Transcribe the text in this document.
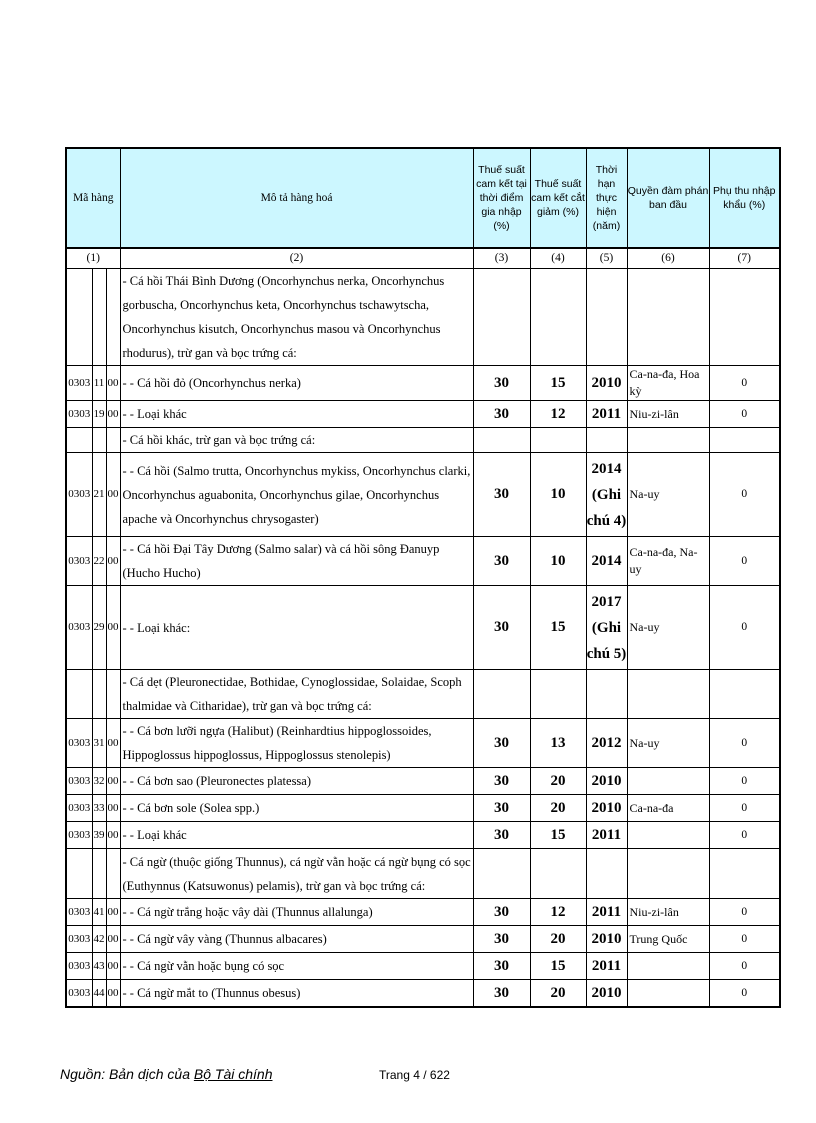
Mã hàng			Mô tả hàng hoá	Thuế suất cam kết tại thời điểm gia nhập (%)	Thuế suất cam kết cắt giảm (%)	Thời hạn thực hiện (năm)	Quyền đàm phán ban đầu	Phụ thu nhập khẩu (%)
(1)			(2)	(3)	(4)	(5)	(6)	(7)
			- Cá hồi Thái Bình Dương (Oncorhynchus nerka, Oncorhynchus gorbuscha, Oncorhynchus keta, Oncorhynchus tschawytscha, Oncorhynchus kisutch, Oncorhynchus masou và Oncorhynchus rhodurus), trừ gan và bọc trứng cá:					
0303	11	00	- - Cá hồi đỏ (Oncorhynchus nerka)	30	15	2010	Ca-na-đa, Hoa kỳ	0
0303	19	00	- - Loại khác	30	12	2011	Niu-zi-lân	0
			- Cá hồi khác, trừ gan và bọc trứng cá:					
0303	21	00	- - Cá hồi (Salmo trutta, Oncorhynchus mykiss, Oncorhynchus clarki, Oncorhynchus aguabonita, Oncorhynchus gilae, Oncorhynchus apache và Oncorhynchus chrysogaster)	30	10	2014 (Ghi chú 4)	Na-uy	0
0303	22	00	- - Cá hồi Đại Tây Dương (Salmo salar) và cá hồi sông Đanuyp (Hucho Hucho)	30	10	2014	Ca-na-đa, Na-uy	0
0303	29	00	- - Loại khác:	30	15	2017 (Ghi chú 5)	Na-uy	0
			- Cá dẹt (Pleuronectidae, Bothidae, Cynoglossidae, Solaidae, Scoph thalmidae và Citharidae), trừ gan và bọc trứng cá:					
0303	31	00	- - Cá bơn lưỡi ngựa (Halibut) (Reinhardtius hippoglossoides, Hippoglossus hippoglossus, Hippoglossus stenolepis)	30	13	2012	Na-uy	0
0303	32	00	- - Cá bơn sao (Pleuronectes platessa)	30	20	2010		0
0303	33	00	- - Cá bơn sole (Solea spp.)	30	20	2010	Ca-na-đa	0
0303	39	00	- - Loại khác	30	15	2011		0
			- Cá ngừ (thuộc giống Thunnus), cá ngừ vằn hoặc cá ngừ bụng có sọc (Euthynnus (Katsuwonus) pelamis), trừ gan và bọc trứng cá:					
0303	41	00	- - Cá ngừ trắng hoặc vây dài (Thunnus allalunga)	30	12	2011	Niu-zi-lân	0
0303	42	00	- - Cá ngừ vây vàng (Thunnus albacares)	30	20	2010	Trung Quốc	0
0303	43	00	- - Cá ngừ vằn hoặc bụng có sọc	30	15	2011		0
0303	44	00	- - Cá ngừ mắt to (Thunnus obesus)	30	20	2010		0
Nguồn: Bản dịch của Bộ Tài chính	Trang 4 / 622
